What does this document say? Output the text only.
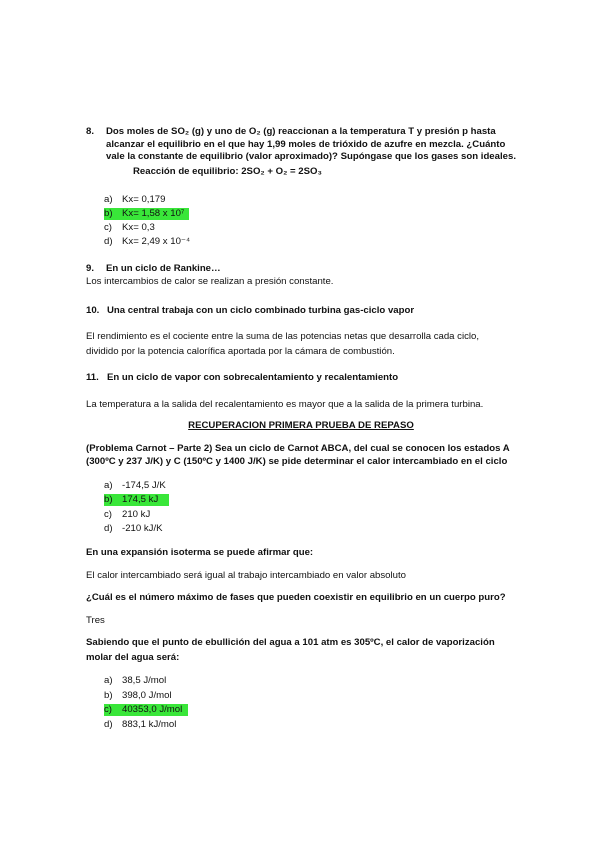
8. Dos moles de SO₂ (g) y uno de O₂ (g) reaccionan a la temperatura T y presión p hasta
alcanzar el equilibrio en el que hay 1,99 moles de trióxido de azufre en mezcla. ¿Cuánto
vale la constante de equilibrio (valor aproximado)? Supóngase que los gases son ideales.
Reacción de equilibrio: 2SO₂ + O₂ = 2SO₃
a) Kx= 0,179
b) Kx= 1,58 x 10⁷
c) Kx= 0,3
d) Kx= 2,49 x 10⁻⁴
9. En un ciclo de Rankine…
Los intercambios de calor se realizan a presión constante.
10. Una central trabaja con un ciclo combinado turbina gas-ciclo vapor
El rendimiento es el cociente entre la suma de las potencias netas que desarrolla cada ciclo,
dividido por la potencia calorífica aportada por la cámara de combustión.
11. En un ciclo de vapor con sobrecalentamiento y recalentamiento
La temperatura a la salida del recalentamiento es mayor que a la salida de la primera turbina.
RECUPERACION PRIMERA PRUEBA DE REPASO
(Problema Carnot – Parte 2) Sea un ciclo de Carnot ABCA, del cual se conocen los estados A
(300ºC y 237 J/K) y C (150ºC y 1400 J/K) se pide determinar el calor intercambiado en el ciclo
a) -174,5 J/K
b) 174,5 kJ
c) 210 kJ
d) -210 kJ/K
En una expansión isoterma se puede afirmar que:
El calor intercambiado será igual al trabajo intercambiado en valor absoluto
¿Cuál es el número máximo de fases que pueden coexistir en equilibrio en un cuerpo puro?
Tres
Sabiendo que el punto de ebullición del agua a 101 atm es 305ºC, el calor de vaporización
molar del agua será:
a) 38,5 J/mol
b) 398,0 J/mol
c) 40353,0 J/mol
d) 883,1 kJ/mol
